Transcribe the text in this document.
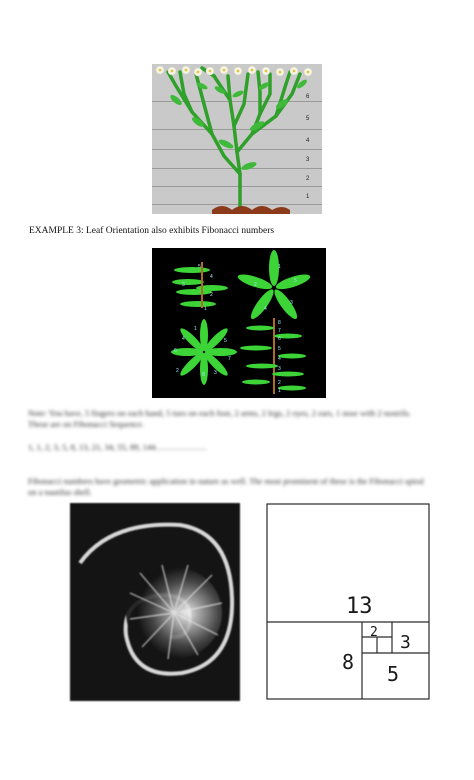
6
5
4
3
2
1
EXAMPLE 3: Leaf Orientation also exhibits Fibonacci numbers
1
2
3
4
5	1
2
3
4
5
1
2	3
4	5
6
7
8
1
2
3
4
5
6
7
8
Note: You have, 5 fingers on each hand, 5 toes on each foot, 2 arms, 2 legs, 2 eyes, 2 ears, 1 nose with 2 nostrils. These are on Fibonacci Sequence.
1, 1, 2, 3, 5, 8, 13, 21, 34, 55, 89, 144………………
Fibonacci numbers have geometric application in nature as well. The most prominent of these is the Fibonacci spiral on a nautilus shell.
13
8 5
3
2
